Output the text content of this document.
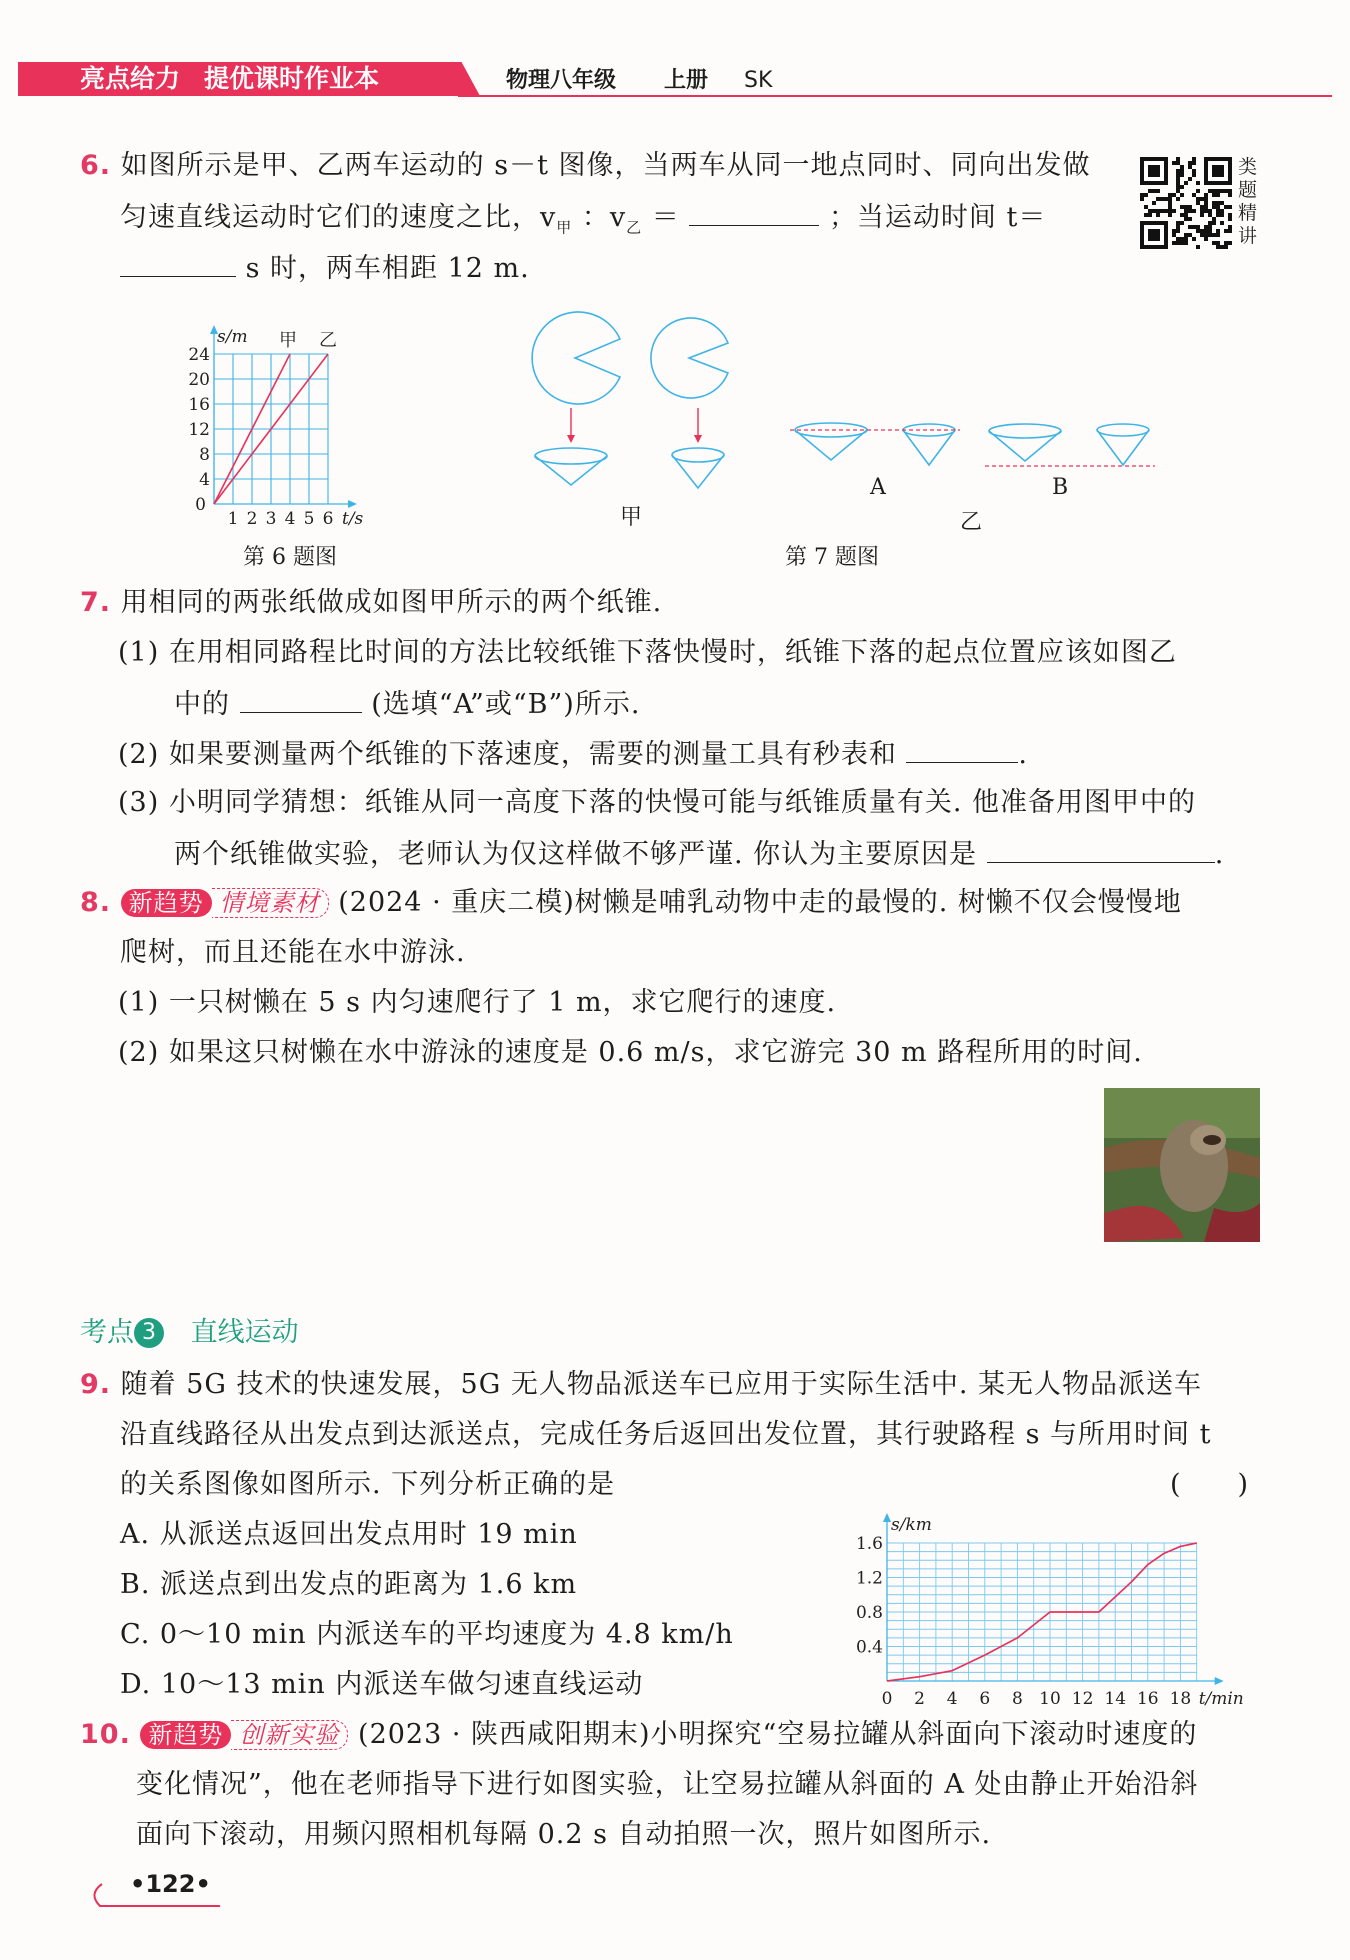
亮点给力 提优课时作业本	物理八年级 上册 SK
类题精讲
6. 如图所示是甲、乙两车运动的 s－t 图像，当两车从同一地点同时、同向出发做
匀速直线运动时它们的速度之比，$v_甲$ ：$v_乙$ ＝	；当运动时间 t＝
s 时，两车相距 12 m.
24
20
16
12
8
4
1 2 3 4 5 6
0
s/m
t/s
甲 乙
第 6 题图
甲
A	B
乙
第 7 题图
7. 用相同的两张纸做成如图甲所示的两个纸锥.
(1) 在用相同路程比时间的方法比较纸锥下落快慢时，纸锥下落的起点位置应该如图乙
中的	(选填“A”或“B”)所示.
(2) 如果要测量两个纸锥的下落速度，需要的测量工具有秒表和	.
(3) 小明同学猜想：纸锥从同一高度下落的快慢可能与纸锥质量有关. 他准备用图甲中的
两个纸锥做实验，老师认为仅这样做不够严谨. 你认为主要原因是	.
8. 新趋势 情境素材 (2024 · 重庆二模)树懒是哺乳动物中走的最慢的. 树懒不仅会慢慢地
爬树，而且还能在水中游泳.
(1) 一只树懒在 5 s 内匀速爬行了 1 m，求它爬行的速度.
(2) 如果这只树懒在水中游泳的速度是 0.6 m/s，求它游完 30 m 路程所用的时间.
考点 3 直线运动
9. 随着 5G 技术的快速发展，5G 无人物品派送车已应用于实际生活中. 某无人物品派送车
沿直线路径从出发点到达派送点，完成任务后返回出发位置，其行驶路程 s 与所用时间 t
的关系图像如图所示. 下列分析正确的是	(　　)
A. 从派送点返回出发点用时 19 min
B. 派送点到出发点的距离为 1.6 km
C. 0～10 min 内派送车的平均速度为 4.8 km/h
D. 10～13 min 内派送车做匀速直线运动
1.6
1.2
0.8
0.4
0 2 4 6 8 10 12 14 16 18
s/km
t/min
10. 新趋势 创新实验 (2023 · 陕西咸阳期末)小明探究“空易拉罐从斜面向下滚动时速度的
变化情况”，他在老师指导下进行如图实验，让空易拉罐从斜面的 A 处由静止开始沿斜
面向下滚动，用频闪照相机每隔 0.2 s 自动拍照一次，照片如图所示.
•122•
